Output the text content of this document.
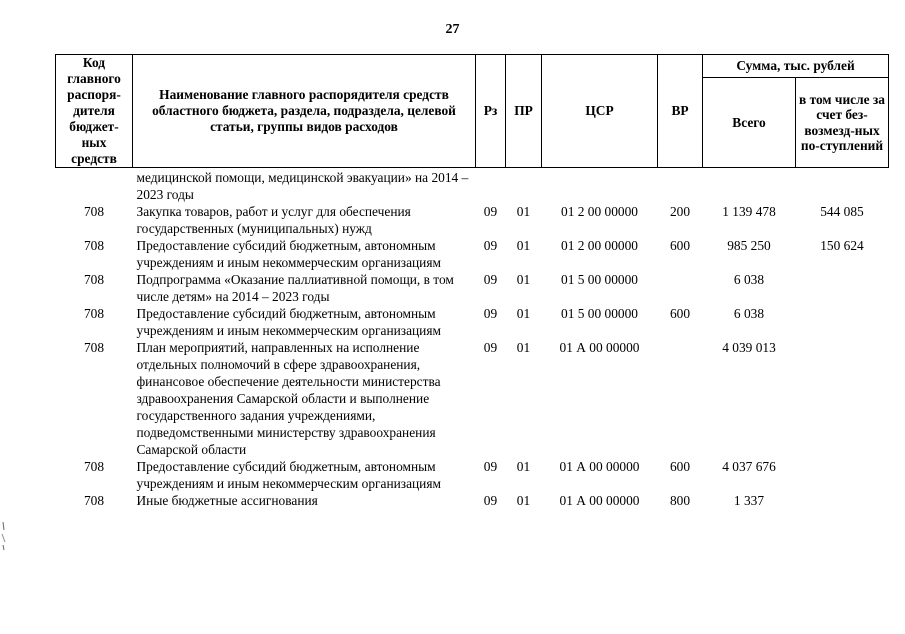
27
Код главного распоря-дителя бюджет-ных средств	Наименование главного распорядителя средств областного бюджета, раздела, подраздела, целевой статьи, группы видов расходов	Рз	ПР	ЦСР	ВР	Сумма, тыс. рублей	
						Всего	в том числе за счет без-возмезд-ных по-ступлений
	медицинской помощи, медицинской эвакуации» на 2014 – 2023 годы						
708	Закупка товаров, работ и услуг для обеспечения государственных (муниципальных) нужд	09	01	01 2 00 00000	200	1 139 478	544 085
708	Предоставление субсидий бюджетным, автономным учреждениям и иным некоммерческим организациям	09	01	01 2 00 00000	600	985 250	150 624
708	Подпрограмма «Оказание паллиативной помощи, в том числе детям» на 2014 – 2023 годы	09	01	01 5 00 00000		6 038	
708	Предоставление субсидий бюджетным, автономным учреждениям и иным некоммерческим организациям	09	01	01 5 00 00000	600	6 038	
708	План мероприятий, направленных на исполнение отдельных полномочий в сфере здравоохранения, финансовое обеспечение деятельности министерства здравоохранения Самарской области и выполнение государственного задания учреждениями, подведомственными министерству здравоохранения Самарской области	09	01	01 А 00 00000		4 039 013	
708	Предоставление субсидий бюджетным, автономным учреждениям и иным некоммерческим организациям	09	01	01 А 00 00000	600	4 037 676	
708	Иные бюджетные ассигнования	09	01	01 А 00 00000	800	1 337	
